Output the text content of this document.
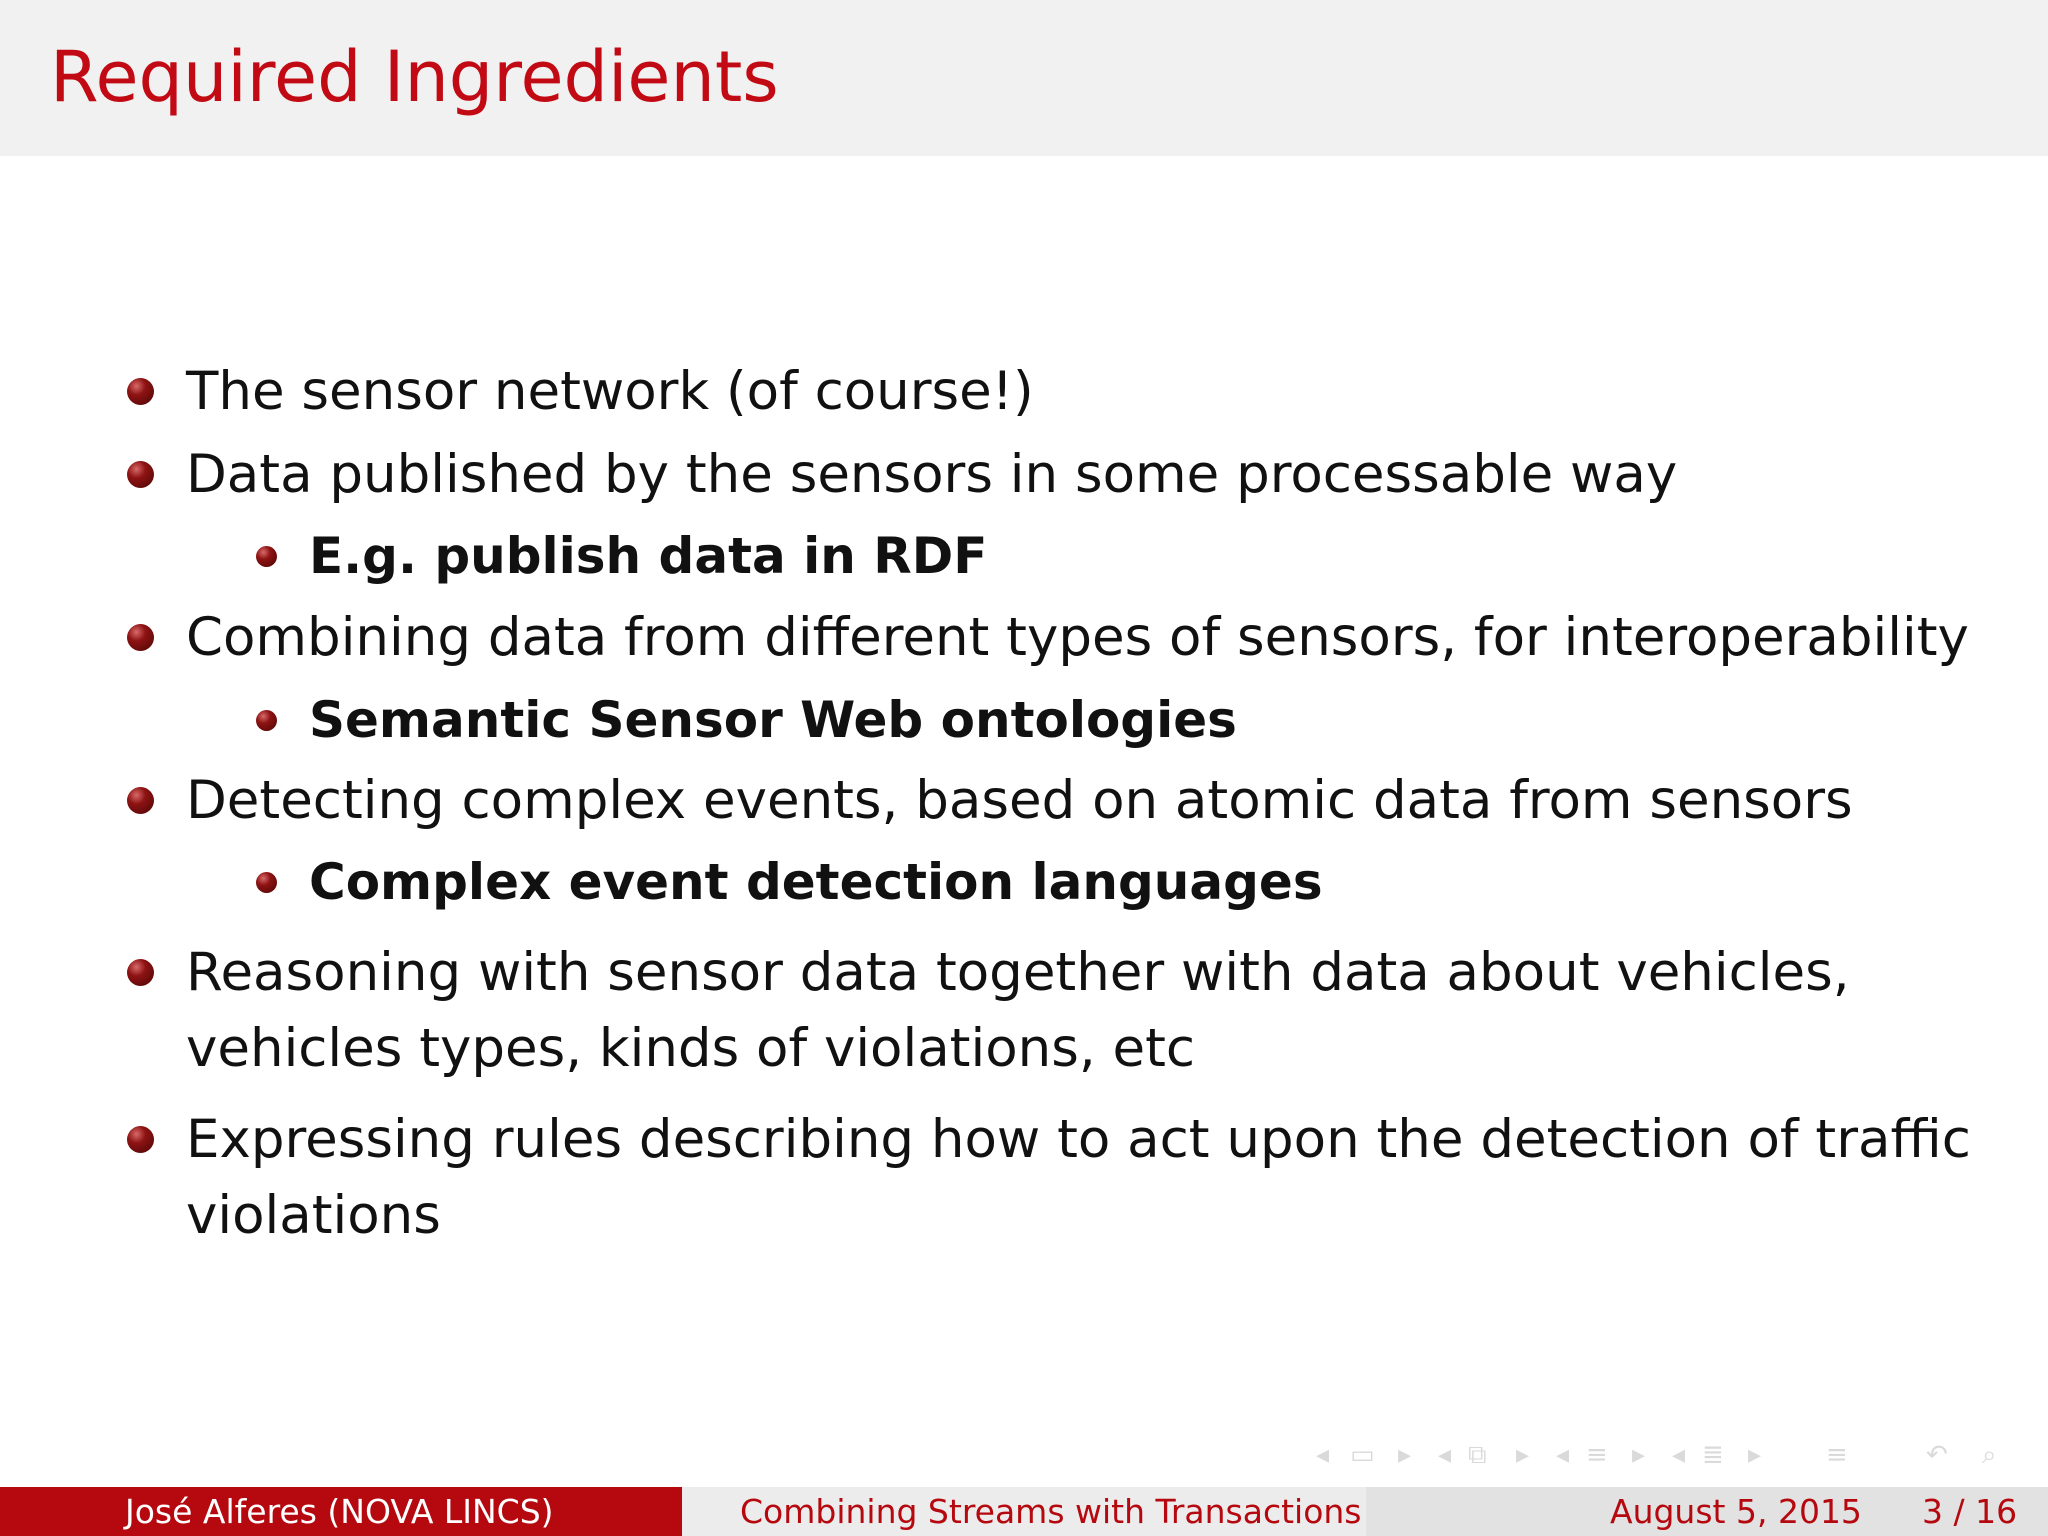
Required Ingredients
The sensor network (of course!)
Data published by the sensors in some processable way
E.g. publish data in RDF
Combining data from different types of sensors, for interoperability
Semantic Sensor Web ontologies
Detecting complex events, based on atomic data from sensors
Complex event detection languages
Reasoning with sensor data together with data about vehicles,
vehicles types, kinds of violations, etc
Expressing rules describing how to act upon the detection of traffic
violations
◂ ▭ ▸ ◂ ⧉ ▸ ◂ ≡ ▸ ◂ ≣ ▸ ≡	↶ ⌕
José Alferes (NOVA LINCS)	Combining Streams with Transactions	August 5, 2015 3 / 16
